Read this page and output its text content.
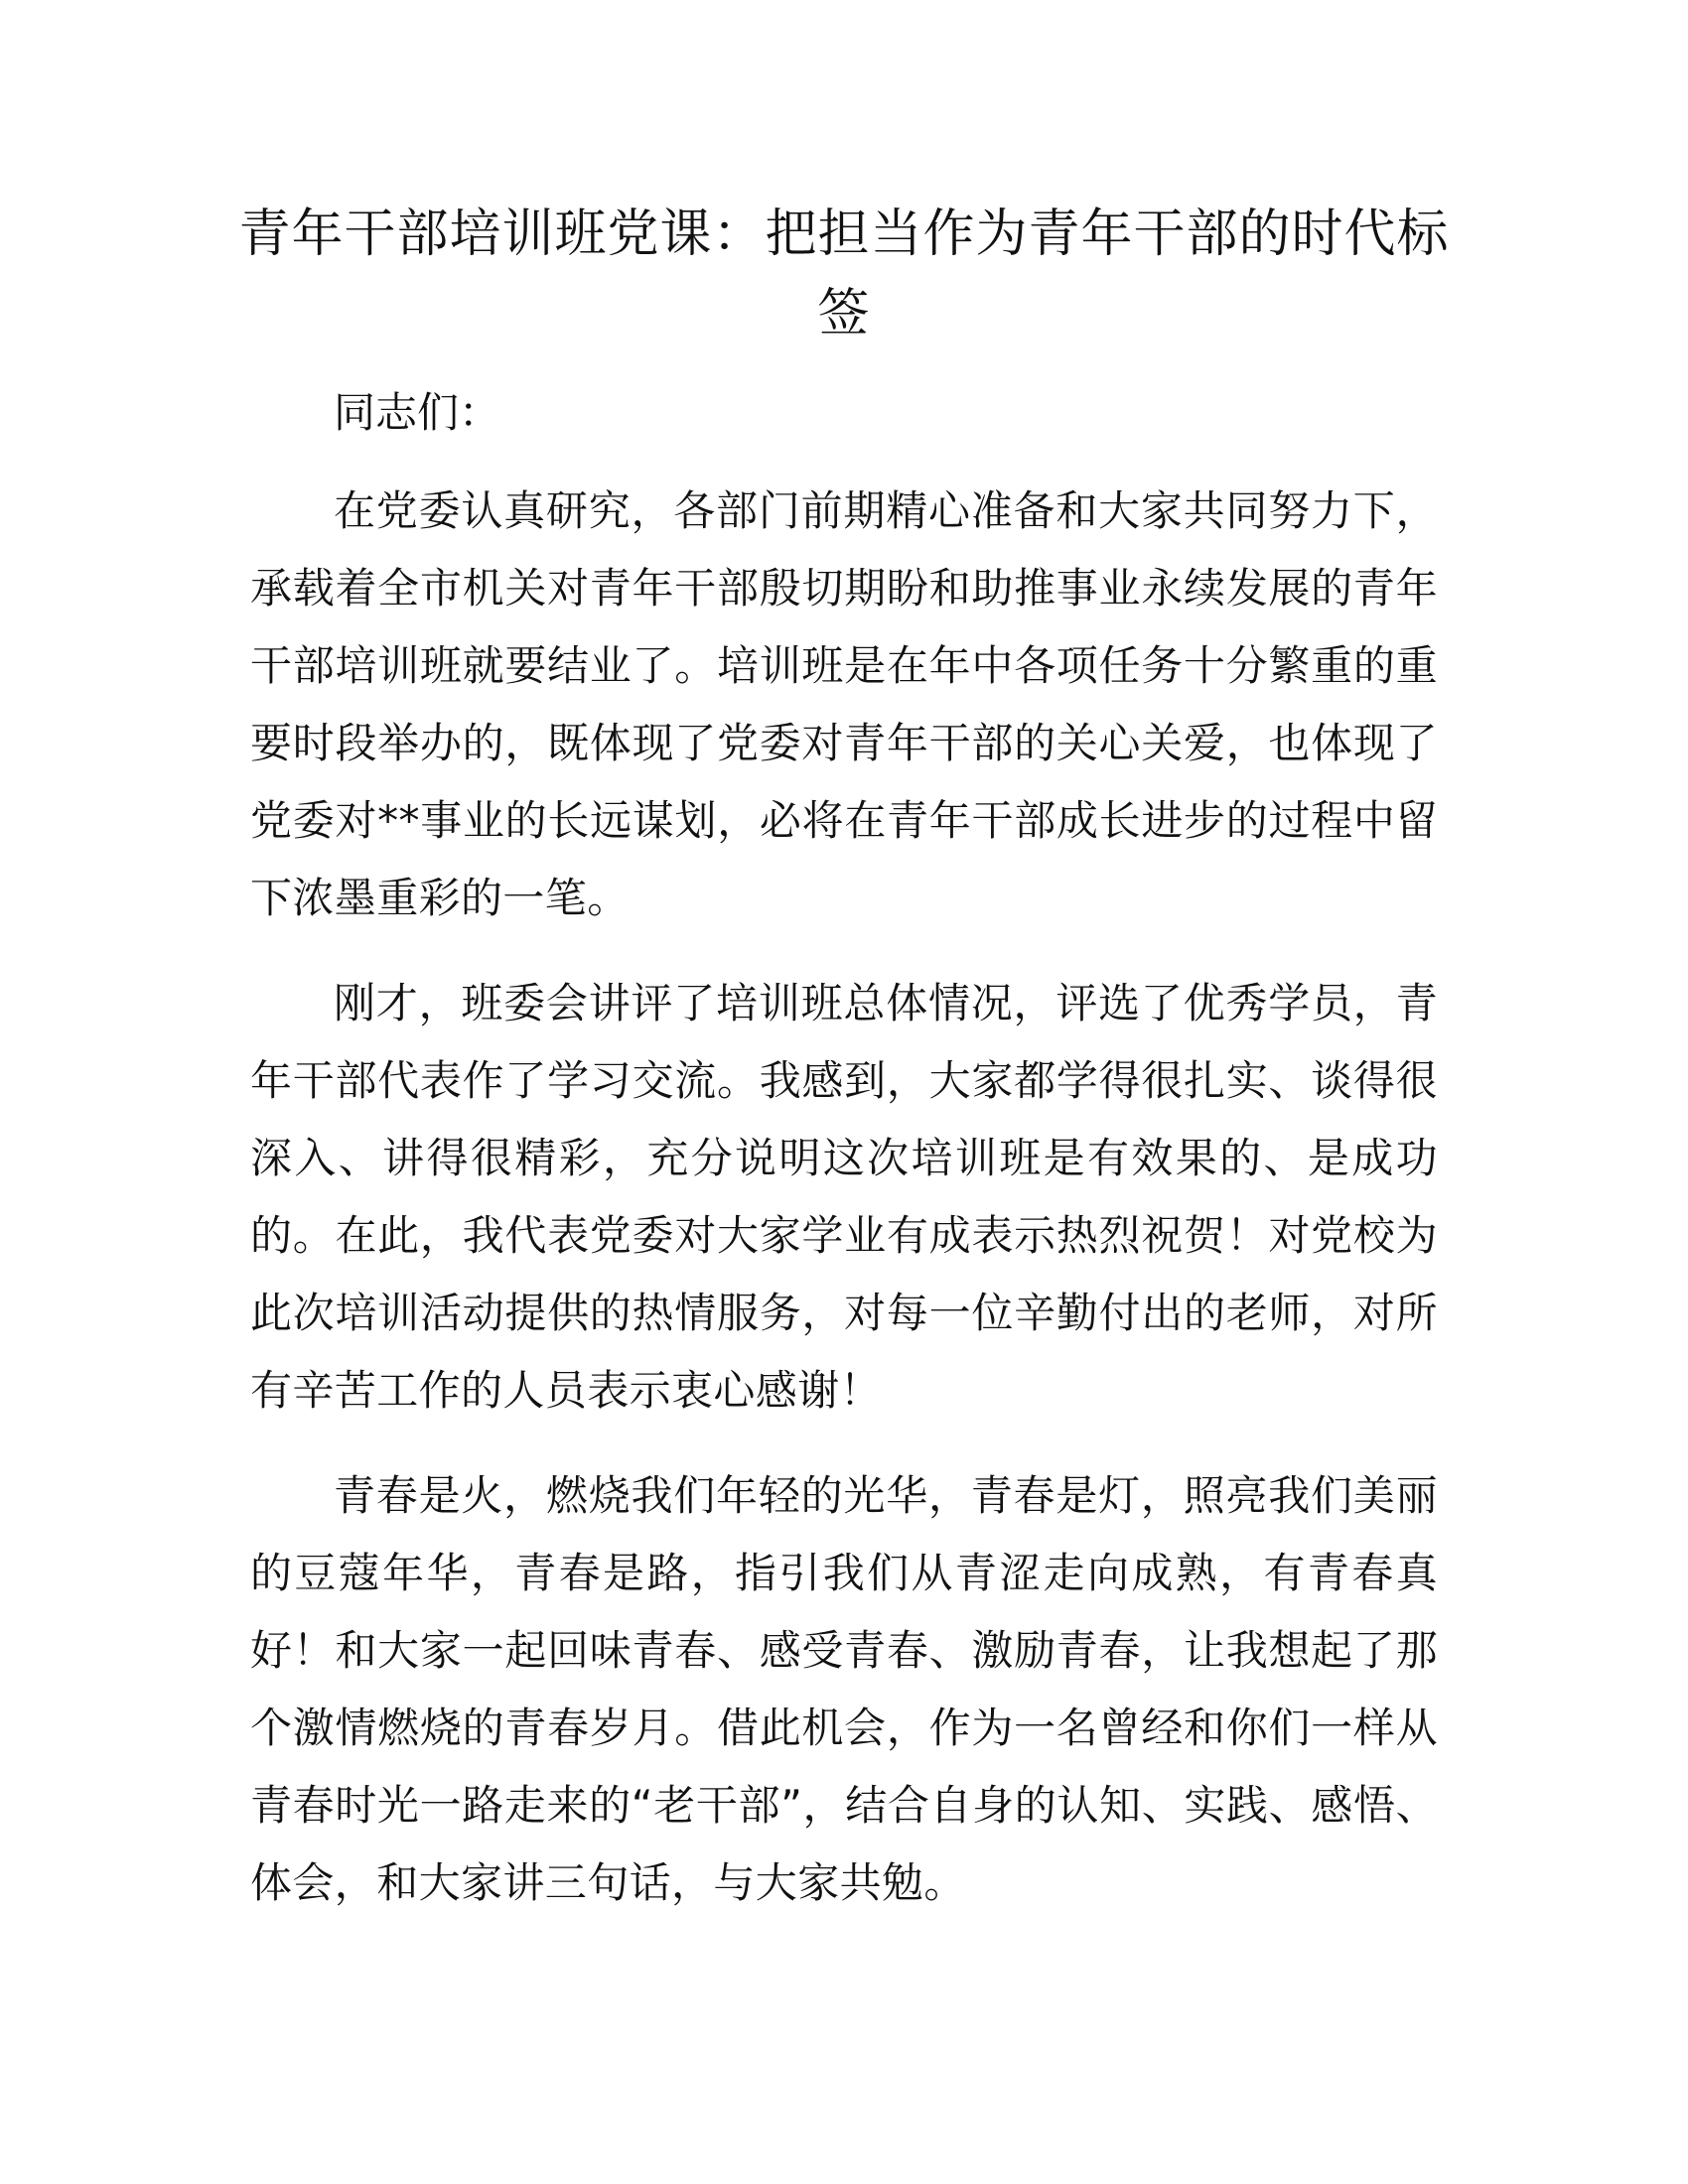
青年干部培训班党课：把担当作为青年干部的时代标签

同志们：

在党委认真研究，各部门前期精心准备和大家共同努力下，承载着全市机关对青年干部殷切期盼和助推事业永续发展的青年干部培训班就要结业了。培训班是在年中各项任务十分繁重的重要时段举办的，既体现了党委对青年干部的关心关爱，也体现了党委对**事业的长远谋划，必将在青年干部成长进步的过程中留下浓墨重彩的一笔。

刚才，班委会讲评了培训班总体情况，评选了优秀学员，青年干部代表作了学习交流。我感到，大家都学得很扎实、谈得很深入、讲得很精彩，充分说明这次培训班是有效果的、是成功的。在此，我代表党委对大家学业有成表示热烈祝贺！对党校为此次培训活动提供的热情服务，对每一位辛勤付出的老师，对所有辛苦工作的人员表示衷心感谢！

青春是火，燃烧我们年轻的光华，青春是灯，照亮我们美丽的豆蔻年华，青春是路，指引我们从青涩走向成熟，有青春真好！和大家一起回味青春、感受青春、激励青春，让我想起了那个激情燃烧的青春岁月。借此机会，作为一名曾经和你们一样从青春时光一路走来的“老干部”，结合自身的认知、实践、感悟、体会，和大家讲三句话，与大家共勉。
